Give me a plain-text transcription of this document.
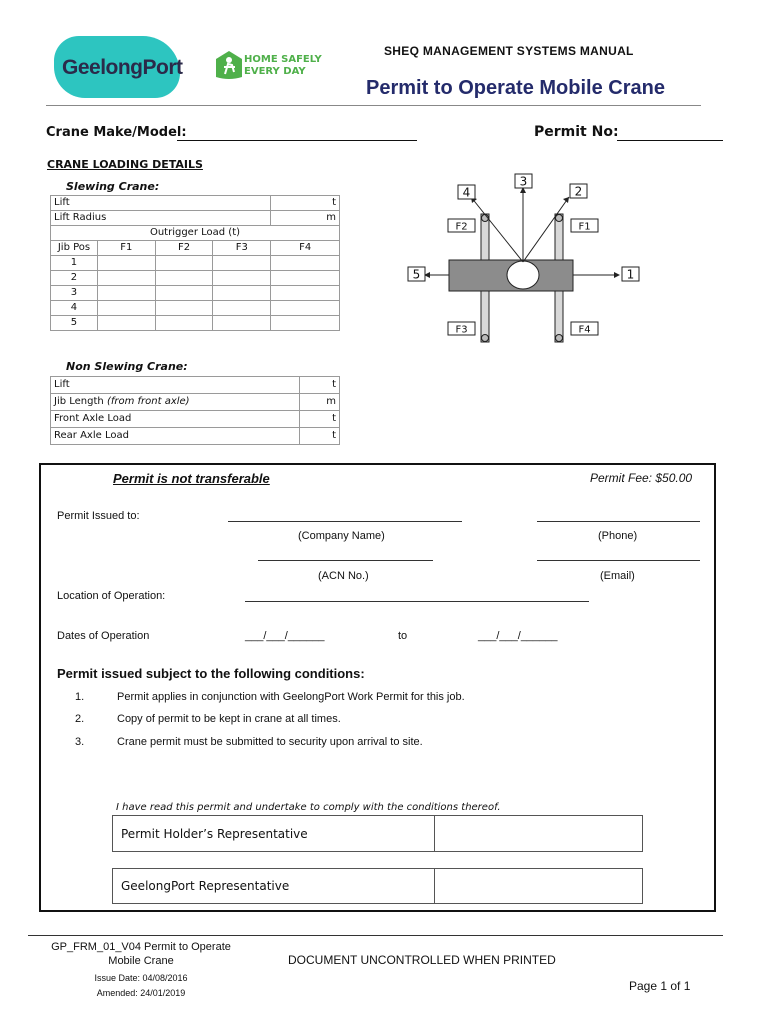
GeelongPort	HOME SAFELY
EVERY DAY
SHEQ MANAGEMENT SYSTEMS MANUAL
Permit to Operate Mobile Crane
Crane Make/Model:	Permit No:
CRANE LOADING DETAILS
Slewing Crane:
Lift				t
Lift Radius				m
Outrigger Load (t)				
Jib Pos	F1	F2	F3	F4
1				
2				
3				
4				
5				
3
4	2
5	1
F2	F1
F3	F4
Non Slewing Crane:
Lift	t
Jib Length (from front axle)	m
Front Axle Load	t
Rear Axle Load	t
Permit is not transferable	Permit Fee: $50.00
Permit Issued to:
(Company Name)	(Phone)
(ACN No.)	(Email)
Location of Operation:
Dates of Operation	___/___/______	to	___/___/______
Permit issued subject to the following conditions:
1.	Permit applies in conjunction with GeelongPort Work Permit for this job.
2.	Copy of permit to be kept in crane at all times.
3.	Crane permit must be submitted to security upon arrival to site.
I have read this permit and undertake to comply with the conditions thereof.
Permit Holder’s Representative
GeelongPort Representative
GP_FRM_01_V04 Permit to Operate
Mobile Crane
Issue Date: 04/08/2016
Amended: 24/01/2019
DOCUMENT UNCONTROLLED WHEN PRINTED
Page 1 of 1
